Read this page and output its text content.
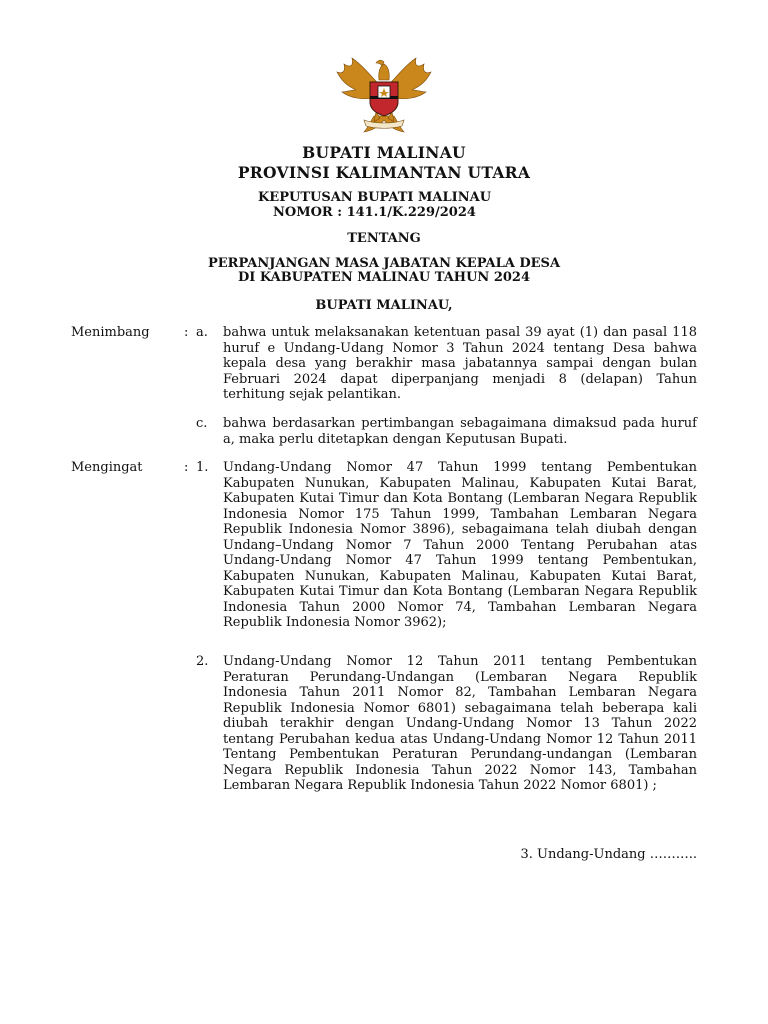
BUPATI MALINAU
PROVINSI KALIMANTAN UTARA
KEPUTUSAN BUPATI MALINAU
NOMOR : 141.1/K.229/2024
TENTANG
PERPANJANGAN MASA JABATAN KEPALA DESA
DI KABUPATEN MALINAU TAHUN 2024
BUPATI MALINAU,
Menimbang	: a. bahwa untuk melaksanakan ketentuan pasal 39 ayat (1) dan pasal 118 huruf e Undang-Udang Nomor 3 Tahun 2024 tentang Desa bahwa kepala desa yang berakhir masa jabatannya sampai dengan bulan Februari 2024 dapat diperpanjang menjadi 8 (delapan) Tahun terhitung sejak pelantikan.
c. bahwa berdasarkan pertimbangan sebagaimana dimaksud pada huruf a, maka perlu ditetapkan dengan Keputusan Bupati.
Mengingat	: 1. Undang-Undang Nomor 47 Tahun 1999 tentang Pembentukan Kabupaten Nunukan, Kabupaten Malinau, Kabupaten Kutai Barat, Kabupaten Kutai Timur dan Kota Bontang (Lembaran Negara Republik Indonesia Nomor 175 Tahun 1999, Tambahan Lembaran Negara Republik Indonesia Nomor 3896), sebagaimana telah diubah dengan Undang–Undang Nomor 7 Tahun 2000 Tentang Perubahan atas Undang-Undang Nomor 47 Tahun 1999 tentang Pembentukan, Kabupaten Nunukan, Kabupaten Malinau, Kabupaten Kutai Barat, Kabupaten Kutai Timur dan Kota Bontang (Lembaran Negara Republik Indonesia Tahun 2000 Nomor 74, Tambahan Lembaran Negara Republik Indonesia Nomor 3962);
2. Undang-Undang Nomor 12 Tahun 2011 tentang Pembentukan Peraturan Perundang-Undangan (Lembaran Negara Republik Indonesia Tahun 2011 Nomor 82, Tambahan Lembaran Negara Republik Indonesia Nomor 6801) sebagaimana telah beberapa kali diubah terakhir dengan Undang-Undang Nomor 13 Tahun 2022 tentang Perubahan kedua atas Undang-Undang Nomor 12 Tahun 2011 Tentang Pembentukan Peraturan Perundang-undangan (Lembaran Negara Republik Indonesia Tahun 2022 Nomor 143, Tambahan Lembaran Negara Republik Indonesia Tahun 2022 Nomor 6801) ;
3. Undang-Undang ………..
